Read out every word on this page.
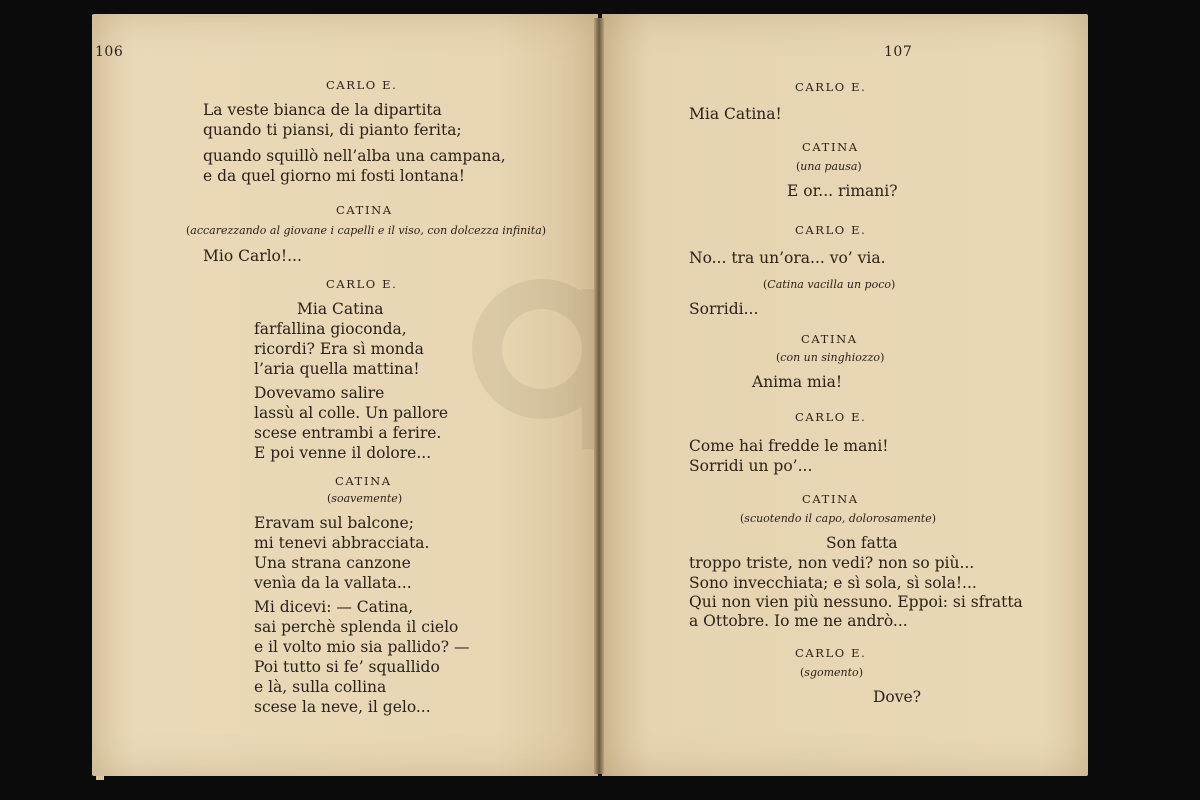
106
CARLO E.
La veste bianca de la dipartita
quando ti piansi, di pianto ferita;
quando squillò nell’alba una campana,
e da quel giorno mi fosti lontana!
CATINA
(accarezzando al giovane i capelli e il viso, con dolcezza infinita)
Mio Carlo!...
CARLO E.
Mia Catina
farfallina gioconda,
ricordi? Era sì monda
l’aria quella mattina!
Dovevamo salire
lassù al colle. Un pallore
scese entrambi a ferire.
E poi venne il dolore...
CATINA
(soavemente)
Eravam sul balcone;
mi tenevi abbracciata.
Una strana canzone
venìa da la vallata...
Mi dicevi: — Catina,
sai perchè splenda il cielo
e il volto mio sia pallido? —
Poi tutto si fe’ squallido
e là, sulla collina
scese la neve, il gelo...
107
CARLO E.
Mia Catina!
CATINA
(una pausa)
E or... rimani?
CARLO E.
No... tra un’ora... vo’ via.
(Catina vacilla un poco)
Sorridi...
CATINA
(con un singhiozzo)
Anima mia!
CARLO E.
Come hai fredde le mani!
Sorridi un po’...
CATINA
(scuotendo il capo, dolorosamente)
Son fatta
troppo triste, non vedi? non so più...
Sono invecchiata; e sì sola, sì sola!...
Qui non vien più nessuno. Eppoi: si sfratta
a Ottobre. Io me ne andrò...
CARLO E.
(sgomento)
Dove?
